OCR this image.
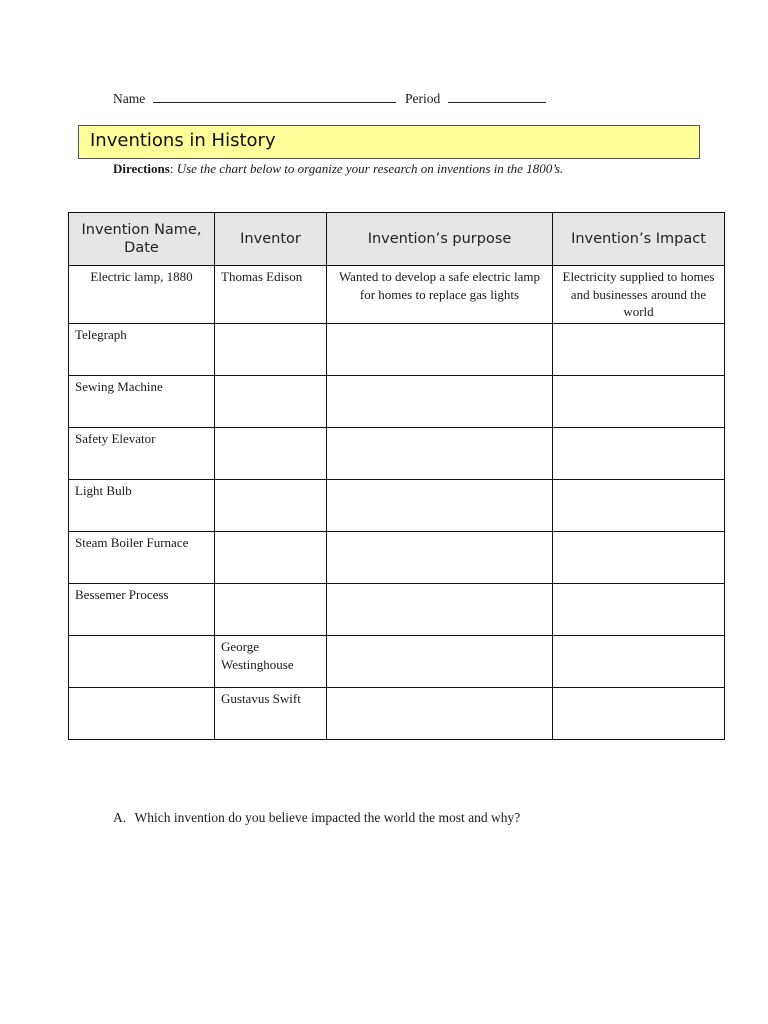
Name	Period
Inventions in History
Directions: Use the chart below to organize your research on inventions in the 1800’s.
Invention Name, Date	Inventor	Invention’s purpose	Invention’s Impact
Electric lamp, 1880	Thomas Edison	Wanted to develop a safe electric lamp for homes to replace gas lights	Electricity supplied to homes and businesses around the world
Telegraph			
Sewing Machine			
Safety Elevator			
Light Bulb			
Steam Boiler Furnace			
Bessemer Process			
	George Westinghouse		
	Gustavus Swift		
A. Which invention do you believe impacted the world the most and why?
